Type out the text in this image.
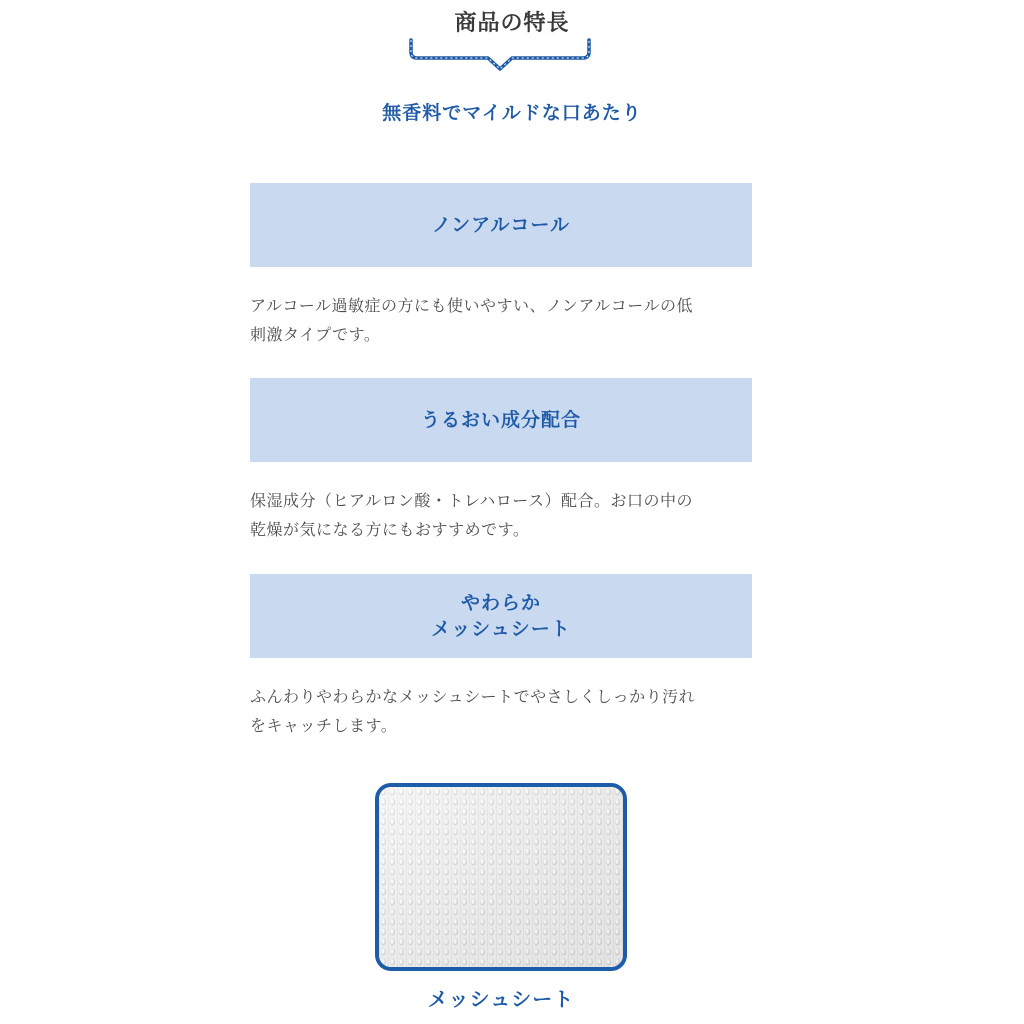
商品の特長
無香料でマイルドな口あたり
ノンアルコール
アルコール過敏症の方にも使いやすい、ノンアルコールの低
刺激タイプです。
うるおい成分配合
保湿成分（ヒアルロン酸・トレハロース）配合。お口の中の
乾燥が気になる方にもおすすめです。
やわらか
メッシュシート
ふんわりやわらかなメッシュシートでやさしくしっかり汚れ
をキャッチします。
メッシュシート
